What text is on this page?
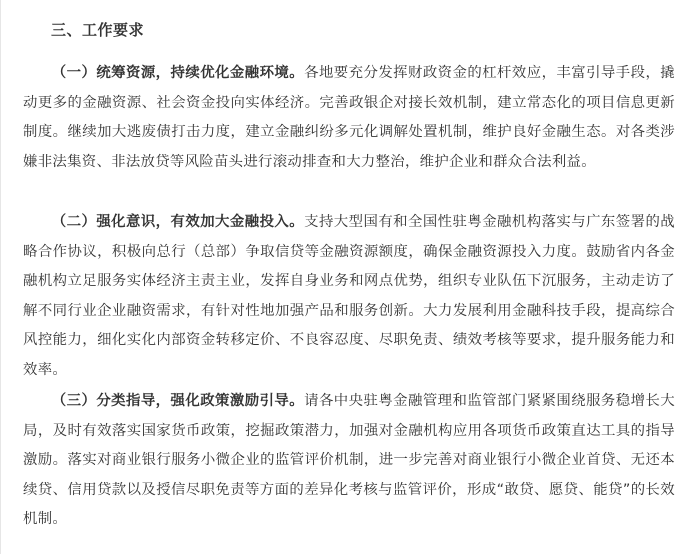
三、工作要求

（一）统筹资源，持续优化金融环境。各地要充分发挥财政资金的杠杆效应，丰富引导手段，撬动更多的金融资源、社会资金投向实体经济。完善政银企对接长效机制，建立常态化的项目信息更新制度。继续加大逃废债打击力度，建立金融纠纷多元化调解处置机制，维护良好金融生态。对各类涉嫌非法集资、非法放贷等风险苗头进行滚动排查和大力整治，维护企业和群众合法利益。

（二）强化意识，有效加大金融投入。支持大型国有和全国性驻粤金融机构落实与广东签署的战略合作协议，积极向总行（总部）争取信贷等金融资源额度，确保金融资源投入力度。鼓励省内各金融机构立足服务实体经济主责主业，发挥自身业务和网点优势，组织专业队伍下沉服务，主动走访了解不同行业企业融资需求，有针对性地加强产品和服务创新。大力发展利用金融科技手段，提高综合风控能力，细化实化内部资金转移定价、不良容忍度、尽职免责、绩效考核等要求，提升服务能力和效率。

（三）分类指导，强化政策激励引导。请各中央驻粤金融管理和监管部门紧紧围绕服务稳增长大局，及时有效落实国家货币政策，挖掘政策潜力，加强对金融机构应用各项货币政策直达工具的指导激励。落实对商业银行服务小微企业的监管评价机制，进一步完善对商业银行小微企业首贷、无还本续贷、信用贷款以及授信尽职免责等方面的差异化考核与监管评价，形成“敢贷、愿贷、能贷”的长效机制。
